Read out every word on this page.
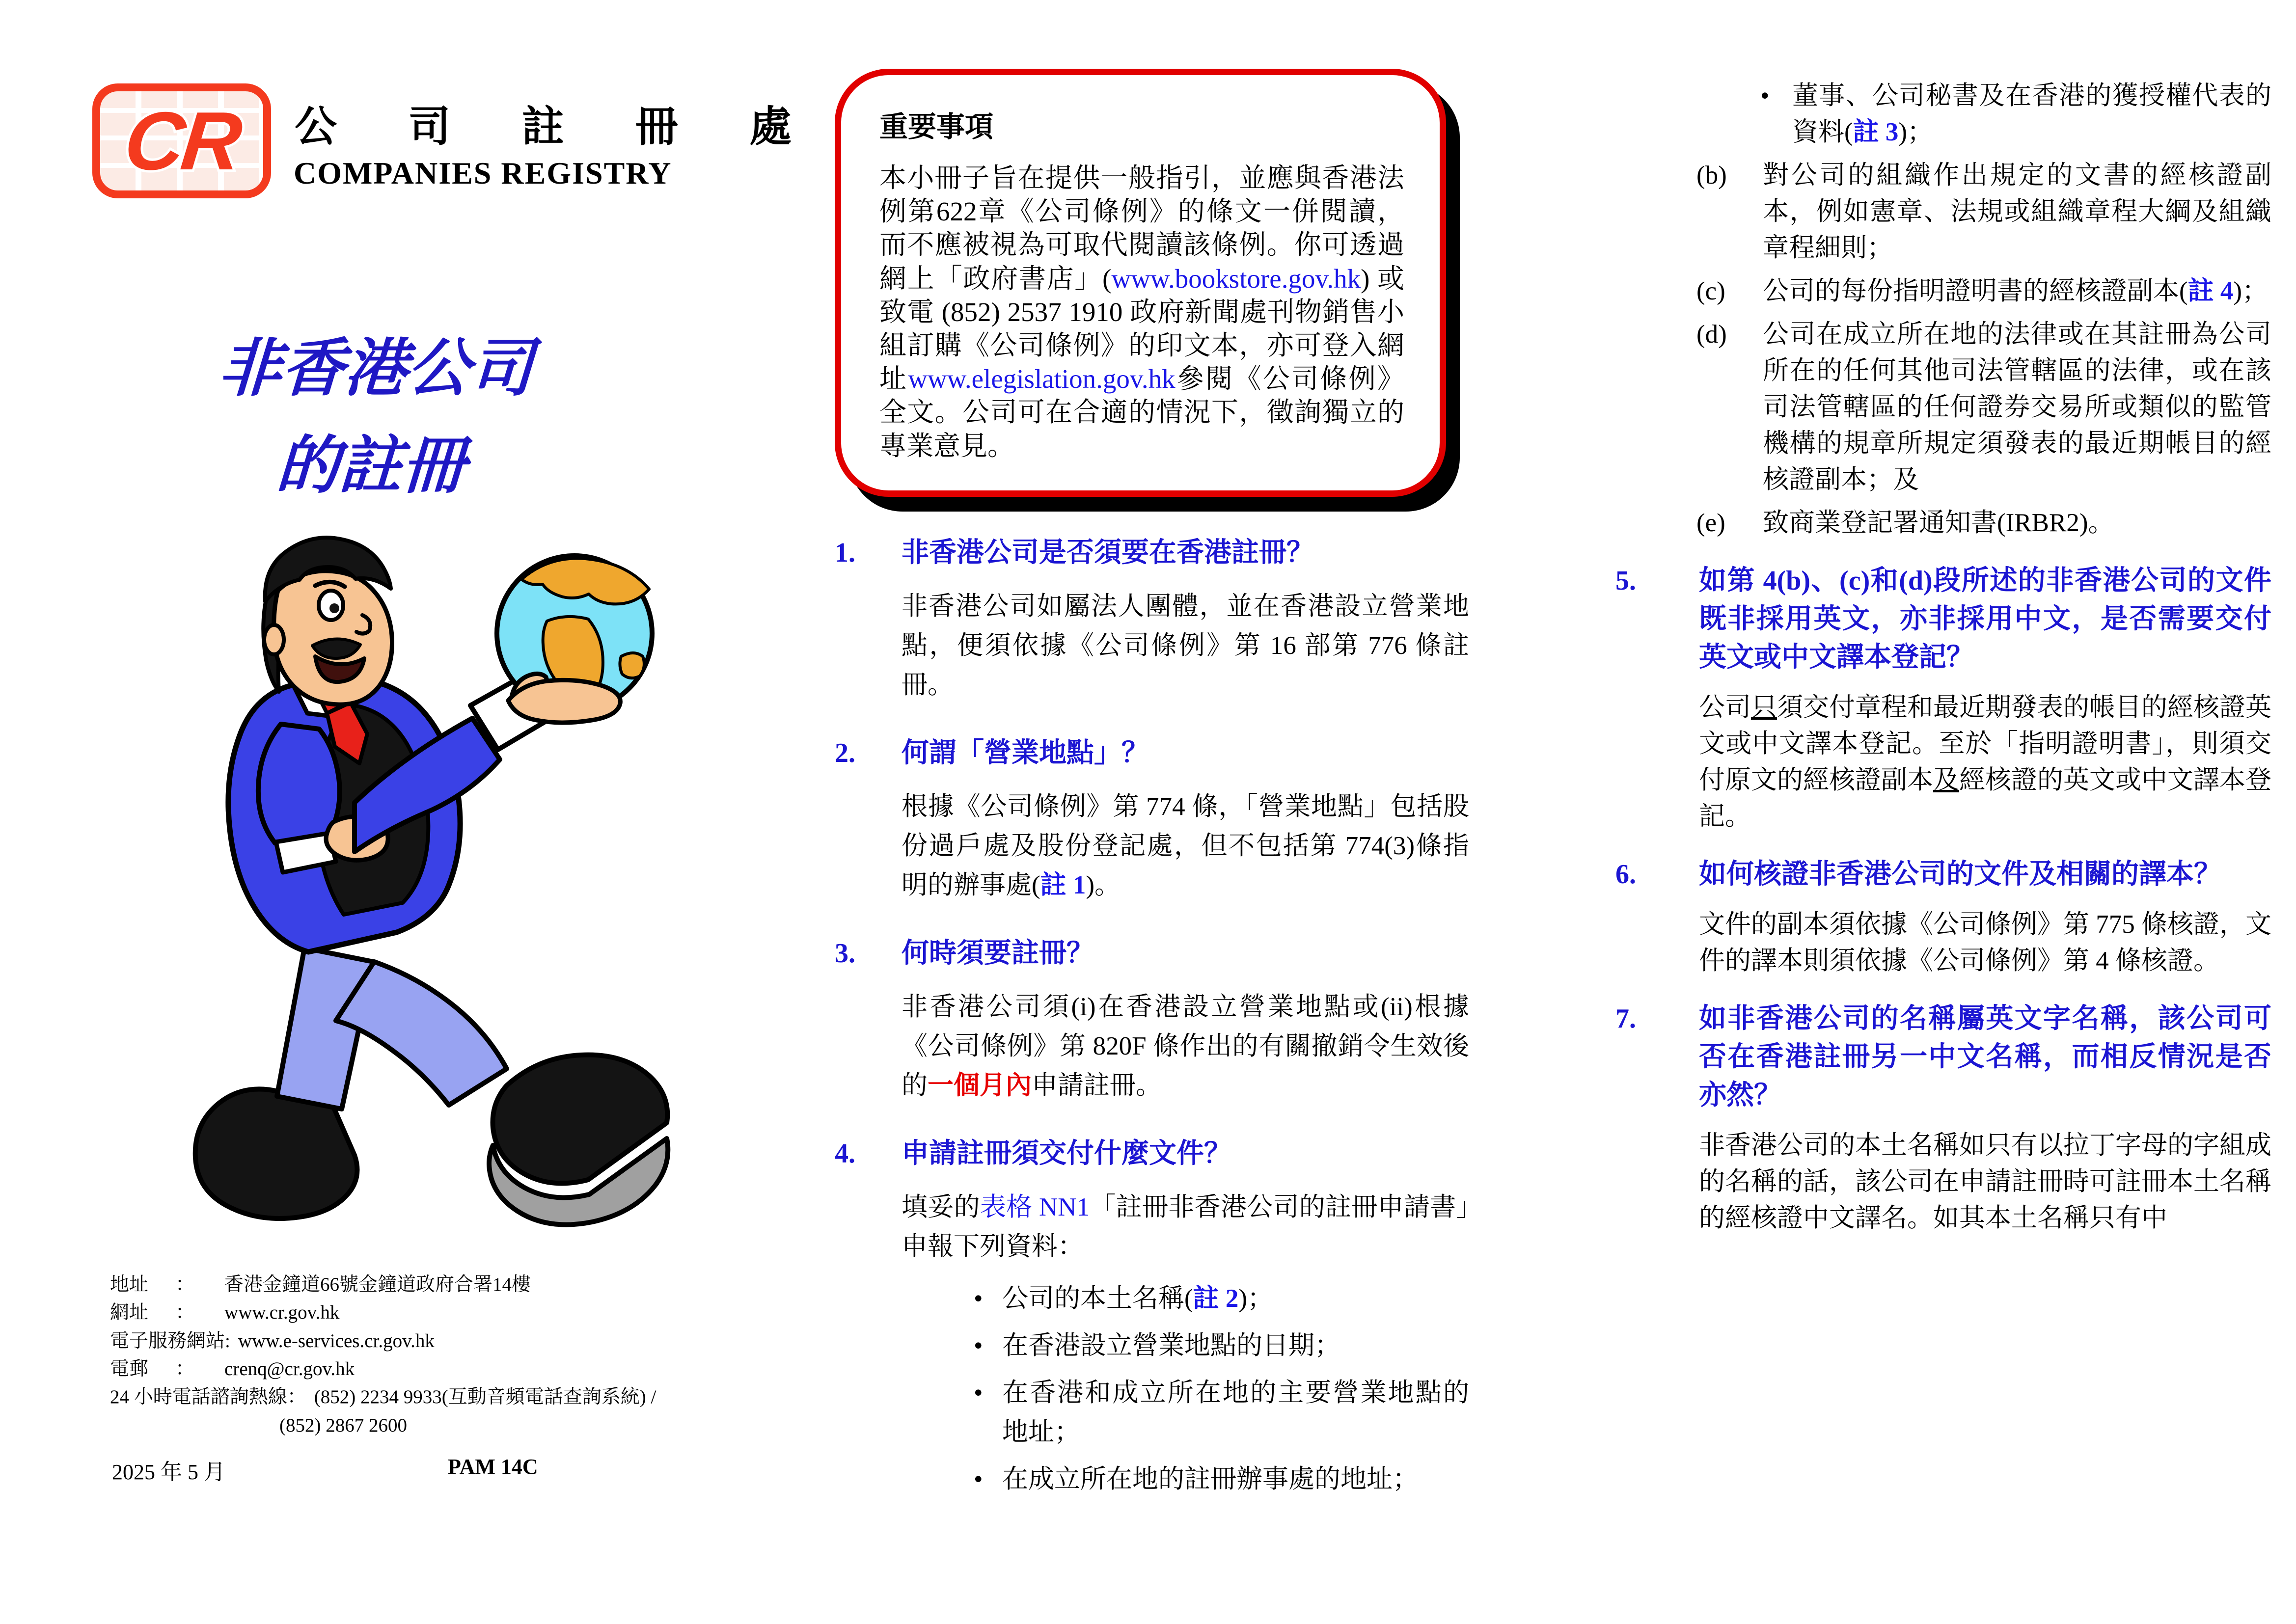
CR 公 司 註 冊 處
COMPANIES REGISTRY
非香港公司
的註冊
地址 ： 香港金鐘道66號金鐘道政府合署14樓
網址 ： www.cr.gov.hk
電子服務網站: www.e-services.cr.gov.hk
電郵 ： crenq@cr.gov.hk
24 小時電話諮詢熱線： (852) 2234 9933(互動音頻電話查詢系統) /
(852) 2867 2600
2025 年 5 月	PAM 14C
重要事項
本小冊子旨在提供一般指引，並應與香港法例第622章《公司條例》的條文一併閱讀，而不應被視為可取代閱讀該條例。你可透過網上「政府書店」(www.bookstore.gov.hk) 或致電 (852) 2537 1910 政府新聞處刊物銷售小組訂購《公司條例》的印文本，亦可登入網址www.elegislation.gov.hk參閱《公司條例》全文。公司可在合適的情況下，徵詢獨立的專業意見。
1.	非香港公司是否須要在香港註冊？
非香港公司如屬法人團體，並在香港設立營業地點，便須依據《公司條例》第 16 部第 776 條註冊。
2.	何謂「營業地點」？
根據《公司條例》第 774 條，「營業地點」包括股份過戶處及股份登記處，但不包括第 774(3)條指明的辦事處(註 1)。
3.	何時須要註冊？
非香港公司須(i)在香港設立營業地點或(ii)根據《公司條例》第 820F 條作出的有關撤銷令生效後的一個月內申請註冊。
4.	申請註冊須交付什麼文件？
填妥的表格 NN1「註冊非香港公司的註冊申請書」申報下列資料：
• 公司的本土名稱(註 2)；
• 在香港設立營業地點的日期；
• 在香港和成立所在地的主要營業地點的地址；
• 在成立所在地的註冊辦事處的地址；
• 董事、公司秘書及在香港的獲授權代表的資料(註 3)；
(b)	對公司的組織作出規定的文書的經核證副本，例如憲章、法規或組織章程大綱及組織章程細則；
(c)	公司的每份指明證明書的經核證副本(註 4)；
(d)	公司在成立所在地的法律或在其註冊為公司所在的任何其他司法管轄區的法律，或在該司法管轄區的任何證券交易所或類似的監管機構的規章所規定須發表的最近期帳目的經核證副本；及
(e)	致商業登記署通知書(IRBR2)。
5.	如第 4(b)、(c)和(d)段所述的非香港公司的文件既非採用英文，亦非採用中文，是否需要交付英文或中文譯本登記？
公司只須交付章程和最近期發表的帳目的經核證英文或中文譯本登記。至於「指明證明書」，則須交付原文的經核證副本及經核證的英文或中文譯本登記。
6.	如何核證非香港公司的文件及相關的譯本？
文件的副本須依據《公司條例》第 775 條核證，文件的譯本則須依據《公司條例》第 4 條核證。
7.	如非香港公司的名稱屬英文字名稱，該公司可否在香港註冊另一中文名稱，而相反情況是否亦然？
非香港公司的本土名稱如只有以拉丁字母的字組成的名稱的話，該公司在申請註冊時可註冊本土名稱的經核證中文譯名。如其本土名稱只有中
